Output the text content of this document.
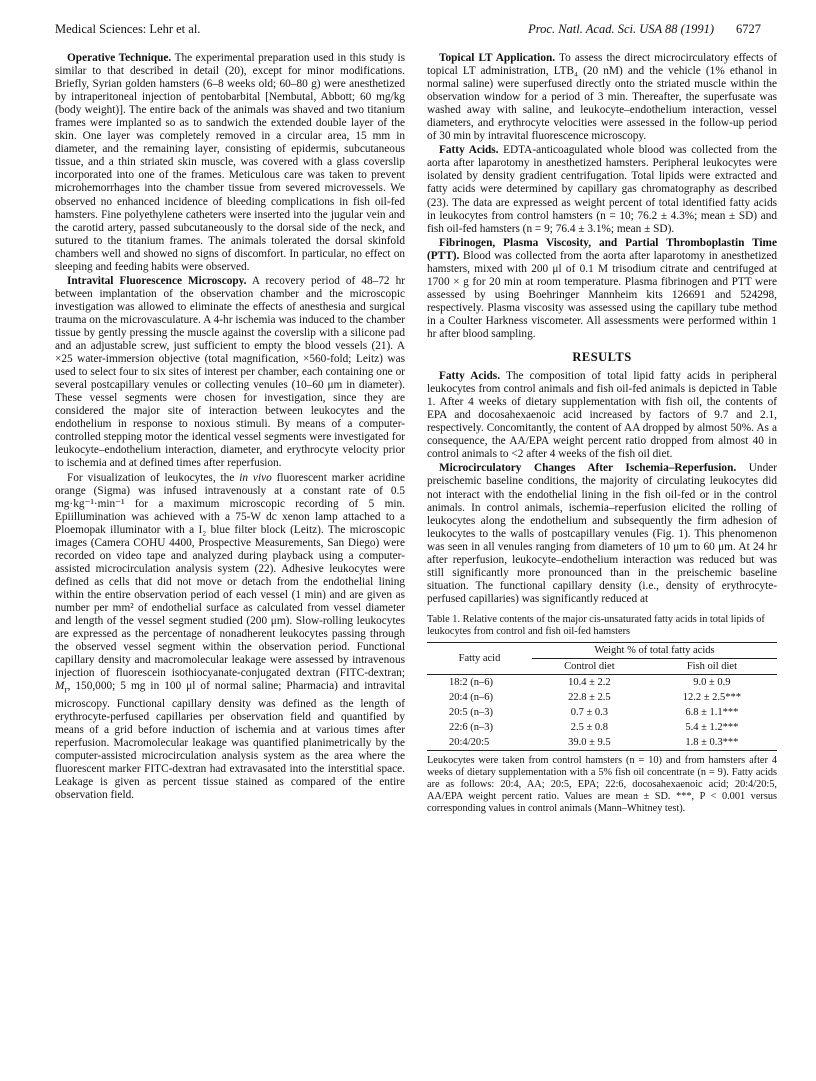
Medical Sciences: Lehr et al.	Proc. Natl. Acad. Sci. USA 88 (1991) 6727

Operative Technique. The experimental preparation used in this study is similar to that described in detail (20), except for minor modifications. Briefly, Syrian golden hamsters (6–8 weeks old; 60–80 g) were anesthetized by intraperitoneal injection of pentobarbital [Nembutal, Abbott; 60 mg/kg (body weight)]. The entire back of the animals was shaved and two titanium frames were implanted so as to sandwich the extended double layer of the skin. One layer was completely removed in a circular area, 15 mm in diameter, and the remaining layer, consisting of epidermis, subcutaneous tissue, and a thin striated skin muscle, was covered with a glass coverslip incorporated into one of the frames. Meticulous care was taken to prevent microhemorrhages into the chamber tissue from severed microvessels. We observed no enhanced incidence of bleeding complications in fish oil-fed hamsters. Fine polyethylene catheters were inserted into the jugular vein and the carotid artery, passed subcutaneously to the dorsal side of the neck, and sutured to the titanium frames. The animals tolerated the dorsal skinfold chambers well and showed no signs of discomfort. In particular, no effect on sleeping and feeding habits were observed.

Intravital Fluorescence Microscopy. A recovery period of 48–72 hr between implantation of the observation chamber and the microscopic investigation was allowed to eliminate the effects of anesthesia and surgical trauma on the microvasculature. A 4-hr ischemia was induced to the chamber tissue by gently pressing the muscle against the coverslip with a silicone pad and an adjustable screw, just sufficient to empty the blood vessels (21). A ×25 water-immersion objective (total magnification, ×560-fold; Leitz) was used to select four to six sites of interest per chamber, each containing one or several postcapillary venules or collecting venules (10–60 μm in diameter). These vessel segments were chosen for investigation, since they are considered the major site of interaction between leukocytes and the endothelium in response to noxious stimuli. By means of a computer-controlled stepping motor the identical vessel segments were investigated for leukocyte–endothelium interaction, diameter, and erythrocyte velocity prior to ischemia and at defined times after reperfusion.

For visualization of leukocytes, the in vivo fluorescent marker acridine orange (Sigma) was infused intravenously at a constant rate of 0.5 mg·kg⁻¹·min⁻¹ for a maximum microscopic recording of 5 min. Epiillumination was achieved with a 75-W dc xenon lamp attached to a Ploemopak illuminator with a I₂ blue filter block (Leitz). The microscopic images (Camera COHU 4400, Prospective Measurements, San Diego) were recorded on video tape and analyzed during playback using a computer-assisted microcirculation analysis system (22). Adhesive leukocytes were defined as cells that did not move or detach from the endothelial lining within the entire observation period of each vessel (1 min) and are given as number per mm² of endothelial surface as calculated from vessel diameter and length of the vessel segment studied (200 μm). Slow-rolling leukocytes are expressed as the percentage of nonadherent leukocytes passing through the observed vessel segment within the observation period. Functional capillary density and macromolecular leakage were assessed by intravenous injection of fluorescein isothiocyanate-conjugated dextran (FITC-dextran; $M_r$, 150,000; 5 mg in 100 μl of normal saline; Pharmacia) and intravital microscopy. Functional capillary density was defined as the length of erythrocyte-perfused capillaries per observation field and quantified by means of a grid before induction of ischemia and at various times after reperfusion. Macromolecular leakage was quantified planimetrically by the computer-assisted microcirculation analysis system as the area where the fluorescent marker FITC-dextran had extravasated into the interstitial space. Leakage is given as percent tissue stained as compared of the entire observation field.

Topical LT Application. To assess the direct microcirculatory effects of topical LT administration, LTB₄ (20 nM) and the vehicle (1% ethanol in normal saline) were superfused directly onto the striated muscle within the observation window for a period of 3 min. Thereafter, the superfusate was washed away with saline, and leukocyte–endothelium interaction, vessel diameters, and erythrocyte velocities were assessed in the follow-up period of 30 min by intravital fluorescence microscopy.

Fatty Acids. EDTA-anticoagulated whole blood was collected from the aorta after laparotomy in anesthetized hamsters. Peripheral leukocytes were isolated by density gradient centrifugation. Total lipids were extracted and fatty acids were determined by capillary gas chromatography as described (23). The data are expressed as weight percent of total identified fatty acids in leukocytes from control hamsters (n = 10; 76.2 ± 4.3%; mean ± SD) and fish oil-fed hamsters (n = 9; 76.4 ± 3.1%; mean ± SD).

Fibrinogen, Plasma Viscosity, and Partial Thromboplastin Time (PTT). Blood was collected from the aorta after laparotomy in anesthetized hamsters, mixed with 200 μl of 0.1 M trisodium citrate and centrifuged at 1700 × g for 20 min at room temperature. Plasma fibrinogen and PTT were assessed by using Boehringer Mannheim kits 126691 and 524298, respectively. Plasma viscosity was assessed using the capillary tube method in a Coulter Harkness viscometer. All assessments were performed within 1 hr after blood sampling.

RESULTS

Fatty Acids. The composition of total lipid fatty acids in peripheral leukocytes from control animals and fish oil-fed animals is depicted in Table 1. After 4 weeks of dietary supplementation with fish oil, the contents of EPA and docosahexaenoic acid increased by factors of 9.7 and 2.1, respectively. Concomitantly, the content of AA dropped by almost 50%. As a consequence, the AA/EPA weight percent ratio dropped from almost 40 in control animals to <2 after 4 weeks of the fish oil diet.

Microcirculatory Changes After Ischemia–Reperfusion. Under preischemic baseline conditions, the majority of circulating leukocytes did not interact with the endothelial lining in the fish oil-fed or in the control animals. In control animals, ischemia–reperfusion elicited the rolling of leukocytes along the endothelium and subsequently the firm adhesion of leukocytes to the walls of postcapillary venules (Fig. 1). This phenomenon was seen in all venules ranging from diameters of 10 μm to 60 μm. At 24 hr after reperfusion, leukocyte–endothelium interaction was reduced but was still significantly more pronounced than in the preischemic baseline situation. The functional capillary density (i.e., density of erythrocyte-perfused capillaries) was significantly reduced at

Table 1. Relative contents of the major cis-unsaturated fatty acids in total lipids of leukocytes from control and fish oil-fed hamsters
Fatty acid	Weight % of total fatty acids	
	Control diet	Fish oil diet
18:2 (n–6)	10.4 ± 2.2	9.0 ± 0.9
20:4 (n–6)	22.8 ± 2.5	12.2 ± 2.5***
20:5 (n–3)	0.7 ± 0.3	6.8 ± 1.1***
22:6 (n–3)	2.5 ± 0.8	5.4 ± 1.2***
20:4/20:5	39.0 ± 9.5	1.8 ± 0.3***
Leukocytes were taken from control hamsters (n = 10) and from hamsters after 4 weeks of dietary supplementation with a 5% fish oil concentrate (n = 9). Fatty acids are as follows: 20:4, AA; 20:5, EPA; 22:6, docosahexaenoic acid; 20:4/20:5, AA/EPA weight percent ratio. Values are mean ± SD. ***, P < 0.001 versus corresponding values in control animals (Mann–Whitney test).
